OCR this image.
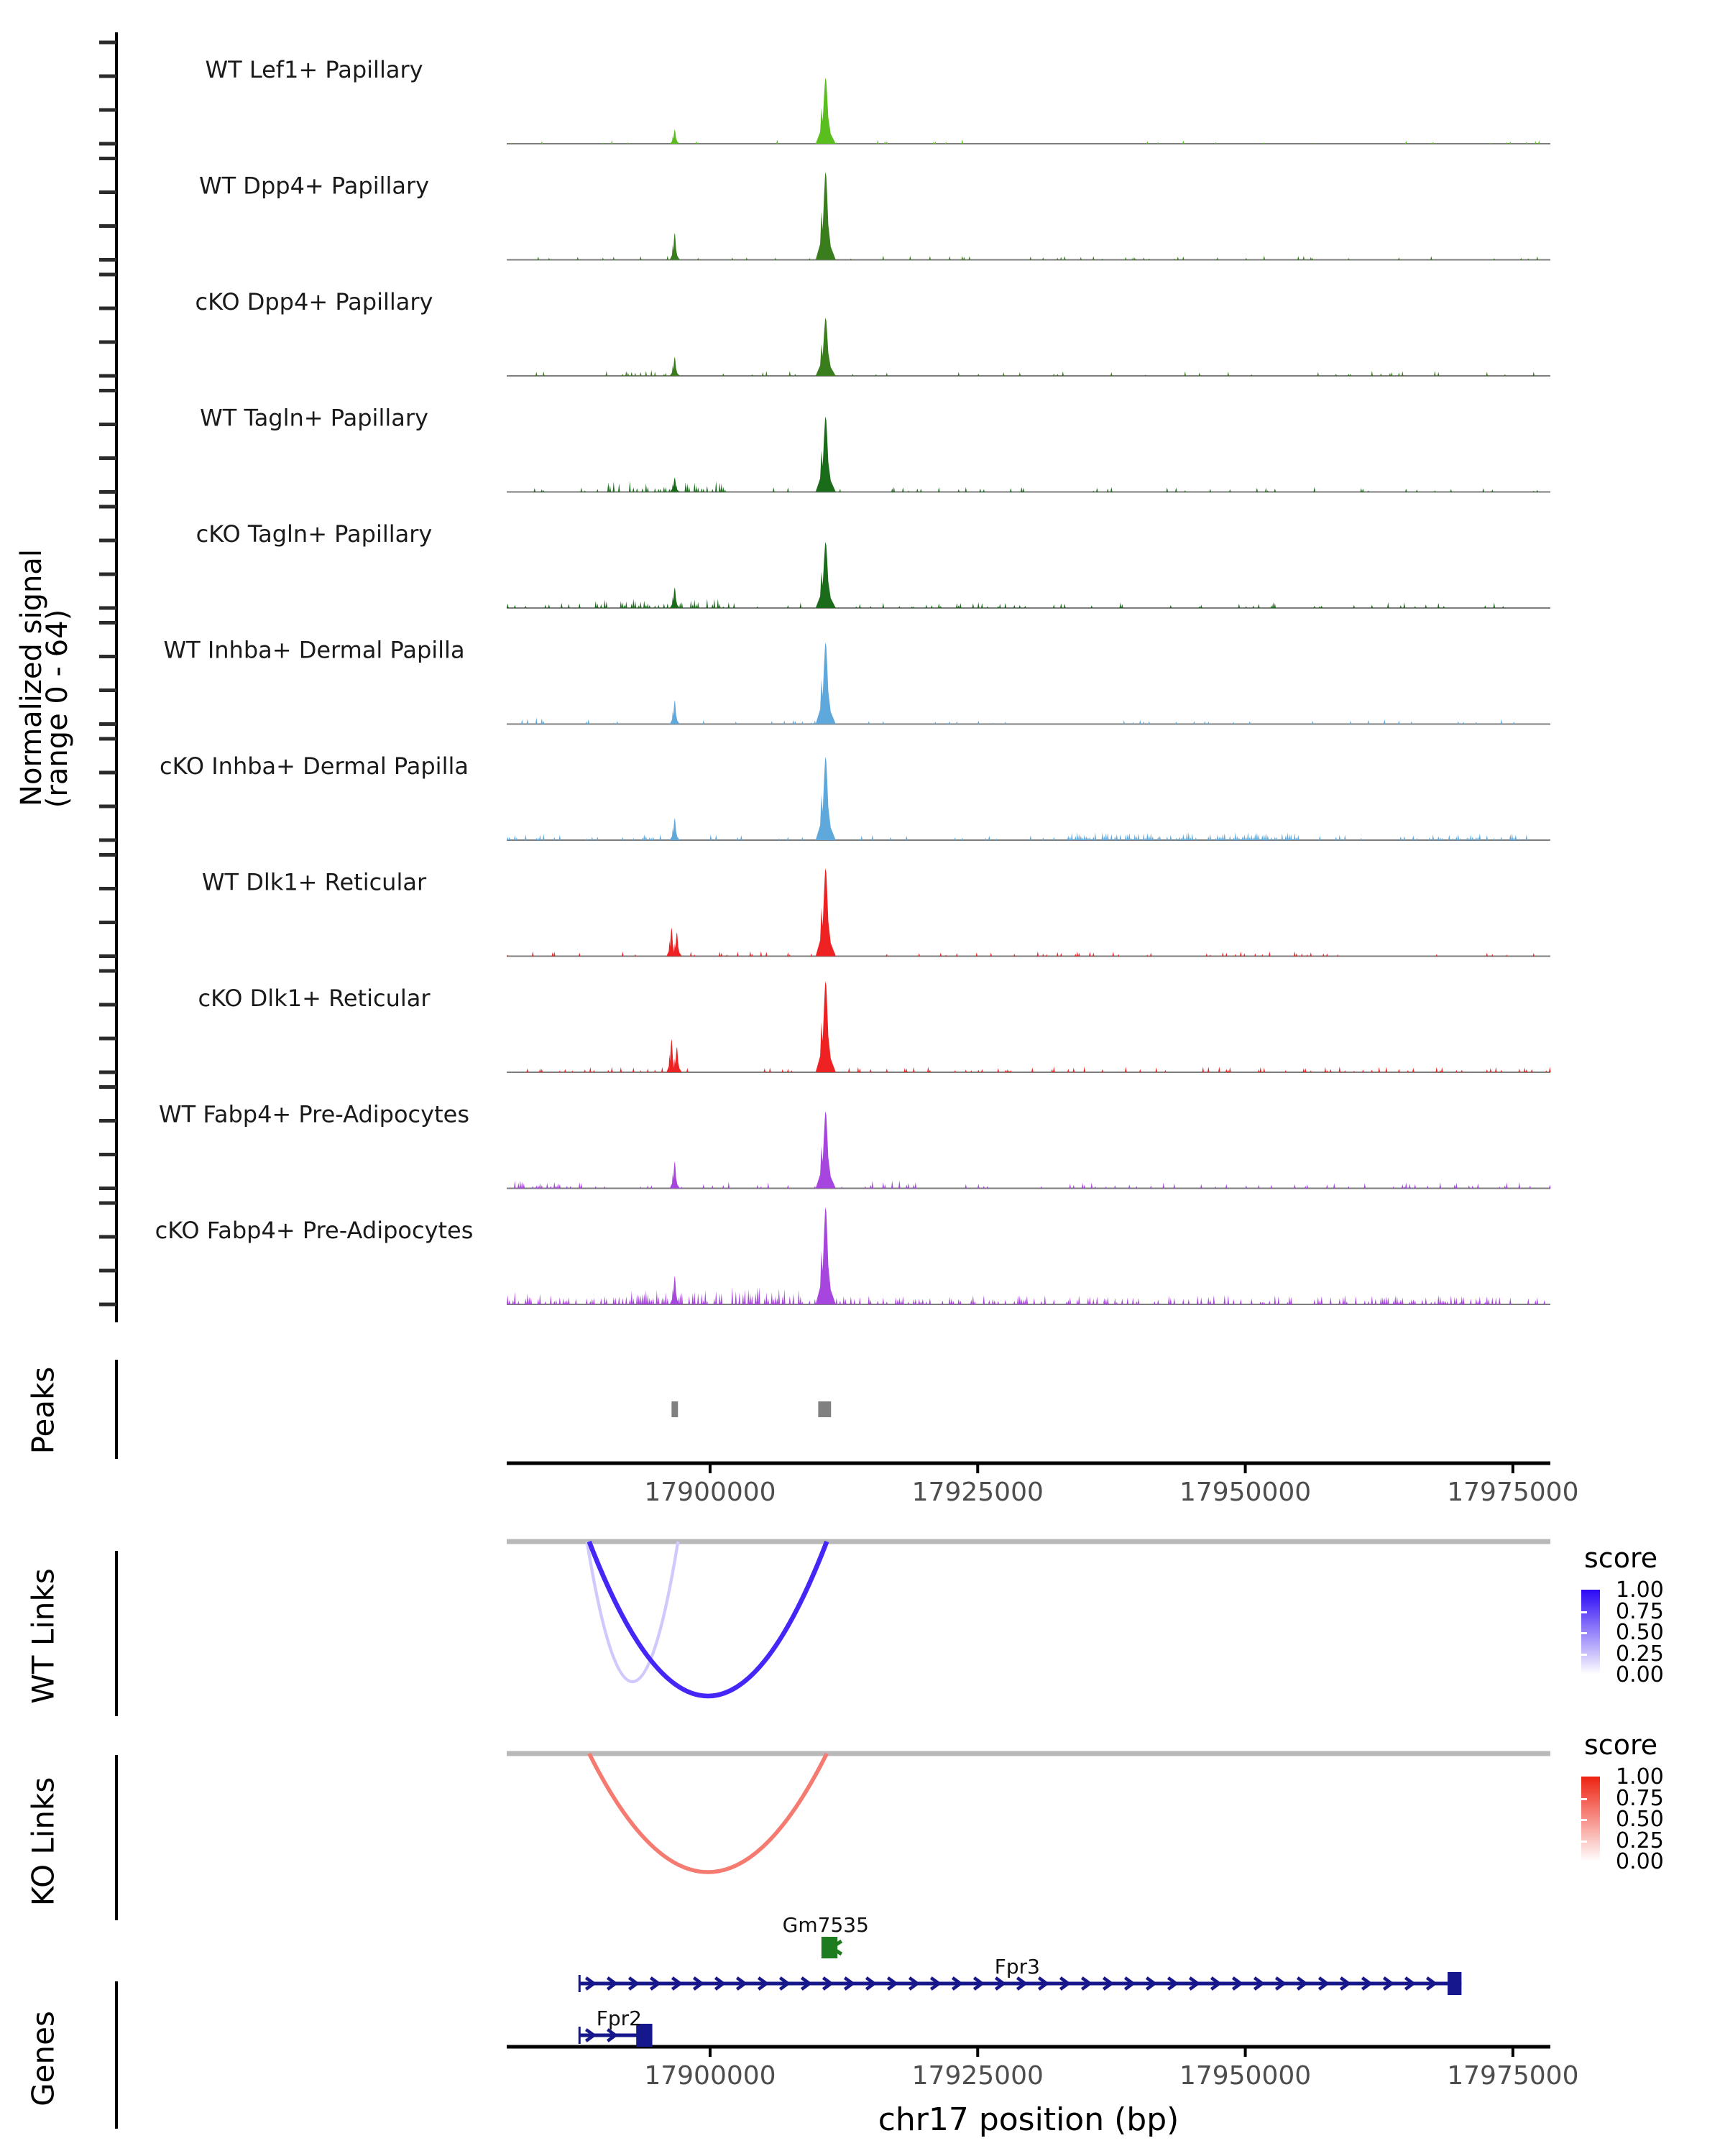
Normalized signal
(range 0 - 64)
Peaks
WT Links
KO Links
Genes
WT Lef1+ Papillary
WT Dpp4+ Papillary
cKO Dpp4+ Papillary
WT Tagln+ Papillary
cKO Tagln+ Papillary
WT Inhba+ Dermal Papilla
cKO Inhba+ Dermal Papilla
WT Dlk1+ Reticular
cKO Dlk1+ Reticular
WT Fabp4+ Pre-Adipocytes
cKO Fabp4+ Pre-Adipocytes
17900000	17925000	17950000	17975000
17900000	17925000	17950000	17975000
chr17 position (bp)
Gm7535
Fpr3
Fpr2
score
1.00
0.75
0.50
0.25
0.00
score
1.00
0.75
0.50
0.25
0.00
